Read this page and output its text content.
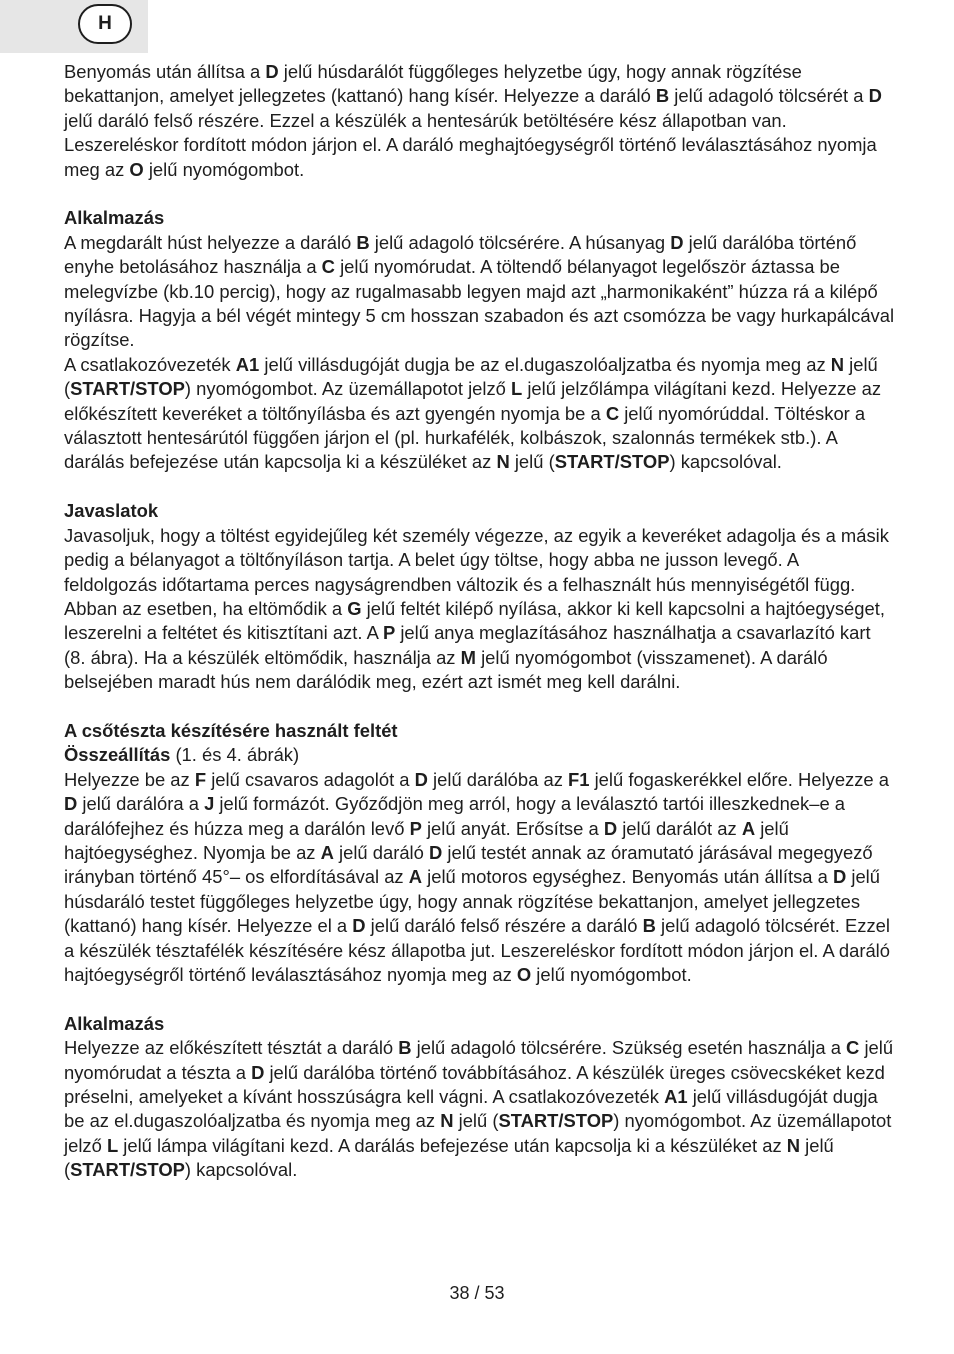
H

Benyomás után állítsa a D jelű húsdarálót függőleges helyzetbe úgy, hogy annak rögzítése bekattanjon, amelyet jellegzetes (kattanó) hang kísér. Helyezze a daráló B jelű adagoló tölcsérét a D jelű daráló felső részére. Ezzel a készülék a hentesárúk betöltésére kész állapotban van. Leszereléskor fordított módon járjon el. A daráló meghajtóegységről történő leválasztásához nyomja meg az O jelű nyomógombot.

Alkalmazás

A megdarált húst helyezze a daráló B jelű adagoló tölcsérére. A húsanyag D jelű darálóba történő enyhe betolásához használja a C jelű nyomórudat. A töltendő bélanyagot legelőször áztassa be melegvízbe (kb.10 percig), hogy az rugalmasabb legyen majd azt „harmonikaként” húzza rá a kilépő nyílásra. Hagyja a bél végét mintegy 5 cm hosszan szabadon és azt csomózza be vagy hurkapálcával rögzítse.

A csatlakozóvezeték A1 jelű villásdugóját dugja be az el.dugaszolóaljzatba és nyomja meg az N jelű (START/STOP) nyomógombot. Az üzemállapotot jelző L jelű jelzőlámpa világítani kezd. Helyezze az előkészített keveréket a töltőnyílásba és azt gyengén nyomja be a C jelű nyomórúddal. Töltéskor a választott hentesárútól függően járjon el (pl. hurkafélék, kolbászok, szalonnás termékek stb.). A darálás befejezése után kapcsolja ki a készüléket az N jelű (START/STOP) kapcsolóval.

Javaslatok

Javasoljuk, hogy a töltést egyidejűleg két személy végezze, az egyik a keveréket adagolja és a másik pedig a bélanyagot a töltőnyíláson tartja. A belet úgy töltse, hogy abba ne jusson levegő. A feldolgozás időtartama perces nagyságrendben változik és a felhasznált hús mennyiségétől függ.

Abban az esetben, ha eltömődik a G jelű feltét kilépő nyílása, akkor ki kell kapcsolni a hajtóegységet, leszerelni a feltétet és kitisztítani azt. A P jelű anya meglazításához használhatja a csavarlazító kart (8. ábra). Ha a készülék eltömődik, használja az M jelű nyomógombot (visszamenet). A daráló belsejében maradt hús nem darálódik meg, ezért azt ismét meg kell darálni.

A csőtészta készítésére használt feltét

Összeállítás (1. és 4. ábrák)

Helyezze be az F jelű csavaros adagolót a D jelű darálóba az F1 jelű fogaskerékkel előre. Helyezze a D jelű darálóra a J jelű formázót. Győződjön meg arról, hogy a leválasztó tartói illeszkednek–e a darálófejhez és húzza meg a darálón levő P jelű anyát. Erősítse a D jelű darálót az A jelű hajtóegységhez. Nyomja be az A jelű daráló D jelű testét annak az óramutató járásával megegyező irányban történő 45°– os elfordításával az A jelű motoros egységhez. Benyomás után állítsa a D jelű húsdaráló testet függőleges helyzetbe úgy, hogy annak rögzítése bekattanjon, amelyet jellegzetes (kattanó) hang kísér. Helyezze el a D jelű daráló felső részére a daráló B jelű adagoló tölcsérét. Ezzel a készülék tésztafélék készítésére kész állapotba jut. Leszereléskor fordított módon járjon el. A daráló hajtóegységről történő leválasztásához nyomja meg az O jelű nyomógombot.

Alkalmazás

Helyezze az előkészített tésztát a daráló B jelű adagoló tölcsérére. Szükség esetén használja a C jelű nyomórudat a tészta a D jelű darálóba történő továbbításához. A készülék üreges csövecskéket kezd préselni, amelyeket a kívánt hosszúságra kell vágni. A csatlakozóvezeték A1 jelű villásdugóját dugja be az el.dugaszolóaljzatba és nyomja meg az N jelű (START/STOP) nyomógombot. Az üzemállapotot jelző L jelű lámpa világítani kezd. A darálás befejezése után kapcsolja ki a készüléket az N jelű (START/STOP) kapcsolóval.

38 / 53
